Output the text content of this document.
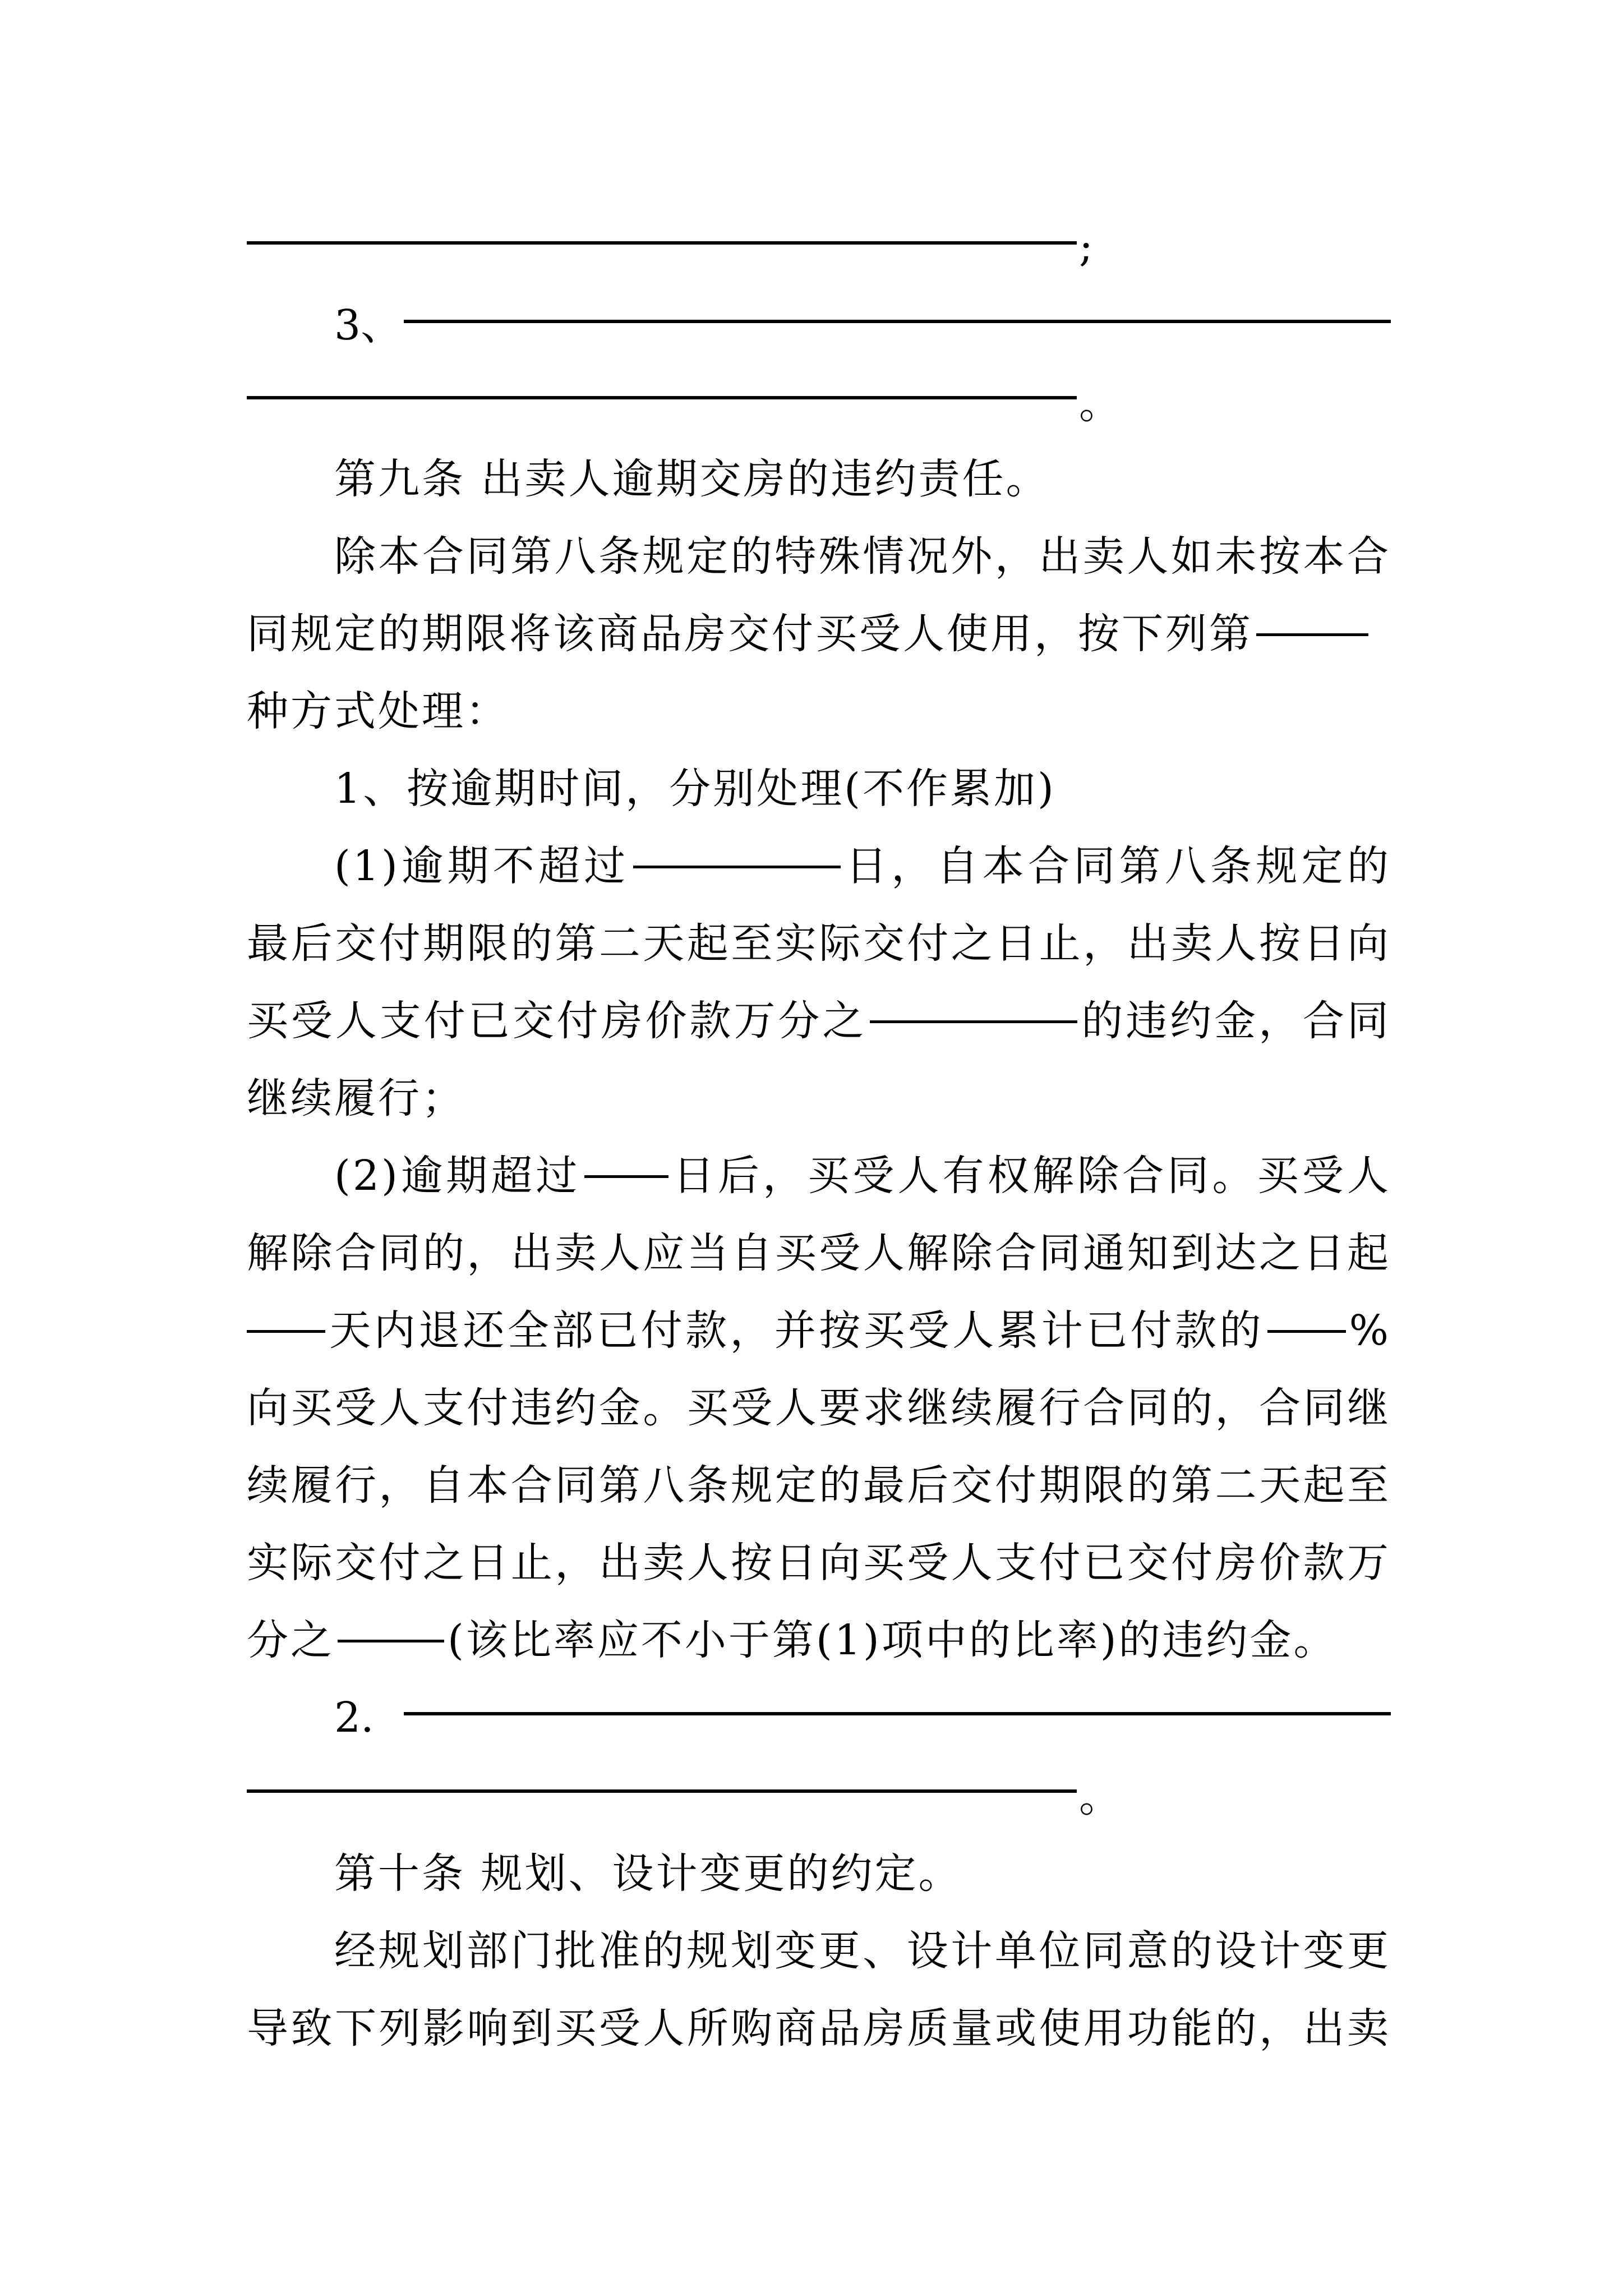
;
3、
。
第九条 出卖人逾期交房的违约责任。
除本合同第八条规定的特殊情况外，出卖人如未按本合
同规定的期限将该商品房交付买受人使用，按下列第
种方式处理：
1、按逾期时间，分别处理(不作累加)
(1)逾期不超过	日，自本合同第八条规定的
最后交付期限的第二天起至实际交付之日止，出卖人按日向
买受人支付已交付房价款万分之	的违约金，合同
继续履行；
(2)逾期超过 日后，买受人有权解除合同。买受人
解除合同的，出卖人应当自买受人解除合同通知到达之日起
天内退还全部已付款，并按买受人累计已付款的 %
向买受人支付违约金。买受人要求继续履行合同的，合同继
续履行，自本合同第八条规定的最后交付期限的第二天起至
实际交付之日止，出卖人按日向买受人支付已交付房价款万
分之	(该比率应不小于第(1)项中的比率)的违约金。
2.
。
第十条 规划、设计变更的约定。
经规划部门批准的规划变更、设计单位同意的设计变更
导致下列影响到买受人所购商品房质量或使用功能的，出卖
